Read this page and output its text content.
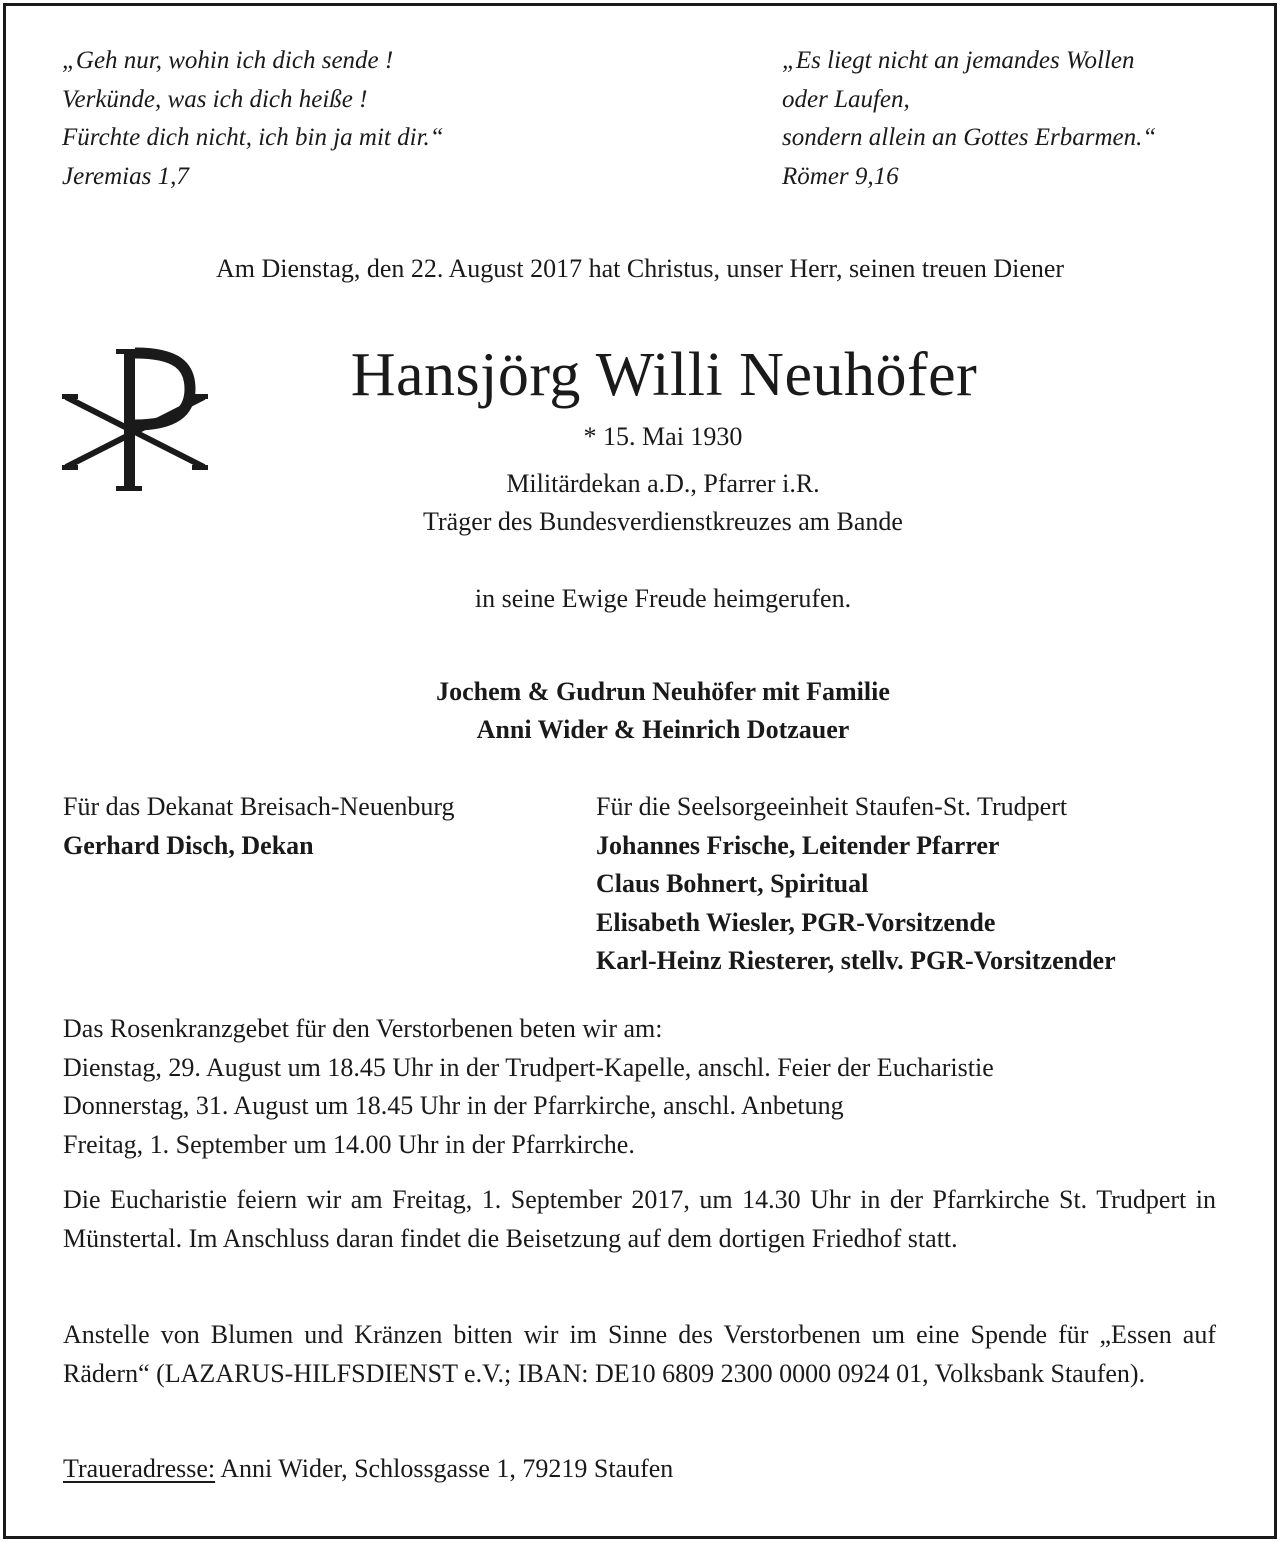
„Geh nur, wohin ich dich sende !
Verkünde, was ich dich heiße !
Fürchte dich nicht, ich bin ja mit dir.“
Jeremias 1,7
„Es liegt nicht an jemandes Wollen
oder Laufen,
sondern allein an Gottes Erbarmen.“
Römer 9,16

Am Dienstag, den 22. August 2017 hat Christus, unser Herr, seinen treuen Diener

Hansjörg Willi Neuhöfer

* 15. Mai 1930

Militärdekan a.D., Pfarrer i.R.

Träger des Bundesverdienstkreuzes am Bande

in seine Ewige Freude heimgerufen.

Jochem & Gudrun Neuhöfer mit Familie

Anni Wider & Heinrich Dotzauer

Für das Dekanat Breisach-Neuenburg
Gerhard Disch, Dekan
Für die Seelsorgeeinheit Staufen-St. Trudpert
Johannes Frische, Leitender Pfarrer
Claus Bohnert, Spiritual
Elisabeth Wiesler, PGR-Vorsitzende
Karl-Heinz Riesterer, stellv. PGR-Vorsitzender
Das Rosenkranzgebet für den Verstorbenen beten wir am:
Dienstag, 29. August um 18.45 Uhr in der Trudpert-Kapelle, anschl. Feier der Eucharistie
Donnerstag, 31. August um 18.45 Uhr in der Pfarrkirche, anschl. Anbetung
Freitag, 1. September um 14.00 Uhr in der Pfarrkirche.

Die Eucharistie feiern wir am Freitag, 1. September 2017, um 14.30 Uhr in der Pfarrkirche St. Trudpert in Münstertal. Im Anschluss daran findet die Beisetzung auf dem dortigen Friedhof statt.

Anstelle von Blumen und Kränzen bitten wir im Sinne des Verstorbenen um eine Spende für „Essen auf Rädern“ (LAZARUS-HILFSDIENST e.V.; IBAN: DE10 6809 2300 0000 0924 01, Volksbank Staufen).

Traueradresse: Anni Wider, Schlossgasse 1, 79219 Staufen
